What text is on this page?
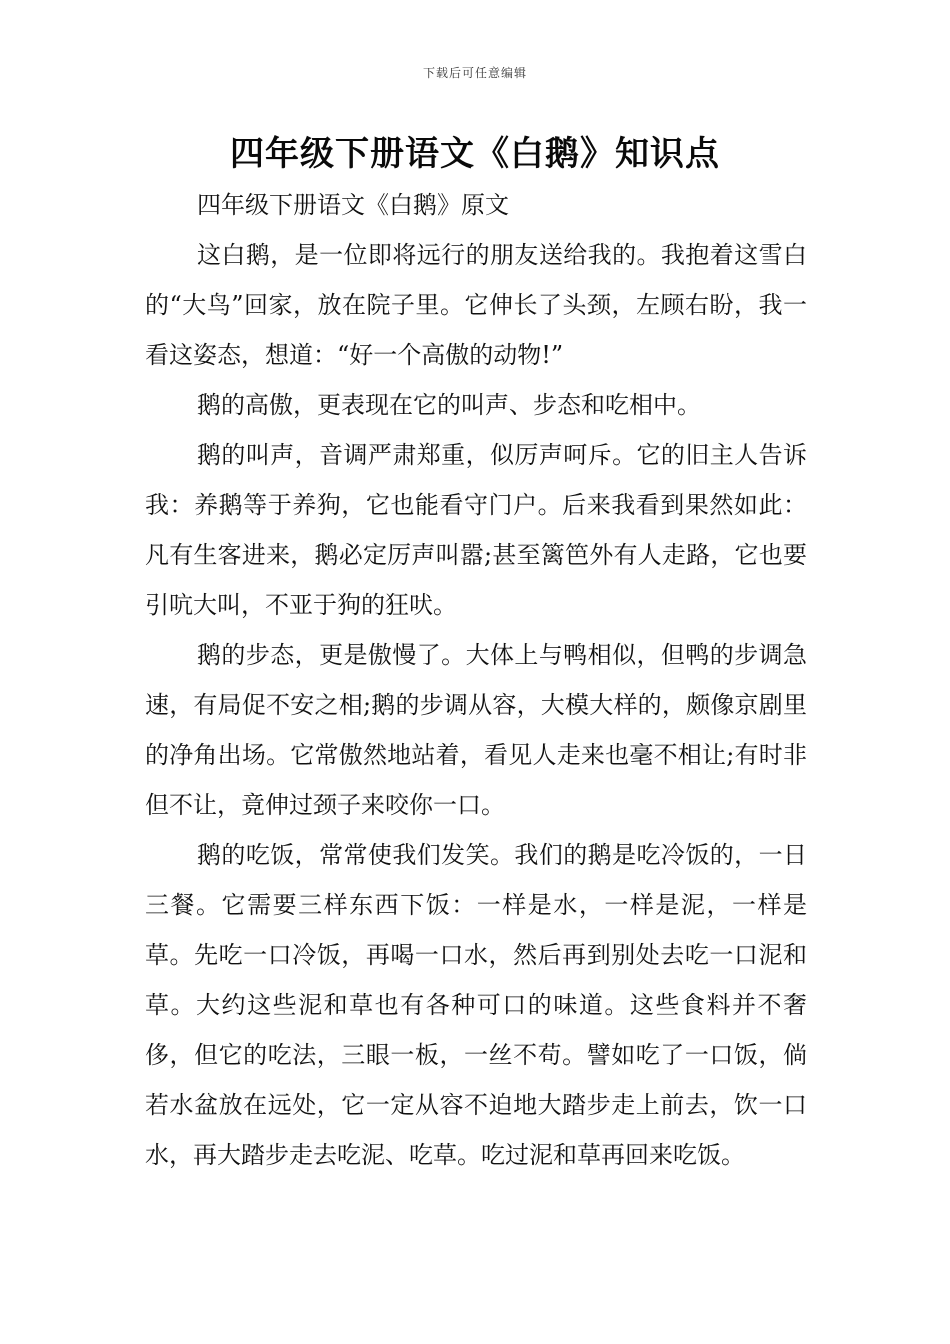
下载后可任意编辑
四年级下册语文《白鹅》知识点

四年级下册语文《白鹅》原文

这白鹅，是一位即将远行的朋友送给我的。我抱着这雪白的“大鸟”回家，放在院子里。它伸长了头颈，左顾右盼，我一看这姿态，想道：“好一个高傲的动物!”

鹅的高傲，更表现在它的叫声、步态和吃相中。

鹅的叫声，音调严肃郑重，似厉声呵斥。它的旧主人告诉我：养鹅等于养狗，它也能看守门户。后来我看到果然如此：凡有生客进来，鹅必定厉声叫嚣;甚至篱笆外有人走路，它也要引吭大叫，不亚于狗的狂吠。

鹅的步态，更是傲慢了。大体上与鸭相似，但鸭的步调急速，有局促不安之相;鹅的步调从容，大模大样的，颇像京剧里的净角出场。它常傲然地站着，看见人走来也毫不相让;有时非但不让，竟伸过颈子来咬你一口。

鹅的吃饭，常常使我们发笑。我们的鹅是吃冷饭的，一日三餐。它需要三样东西下饭：一样是水，一样是泥，一样是草。先吃一口冷饭，再喝一口水，然后再到别处去吃一口泥和草。大约这些泥和草也有各种可口的味道。这些食料并不奢侈，但它的吃法，三眼一板，一丝不苟。譬如吃了一口饭，倘若水盆放在远处，它一定从容不迫地大踏步走上前去，饮一口水，再大踏步走去吃泥、吃草。吃过泥和草再回来吃饭。
